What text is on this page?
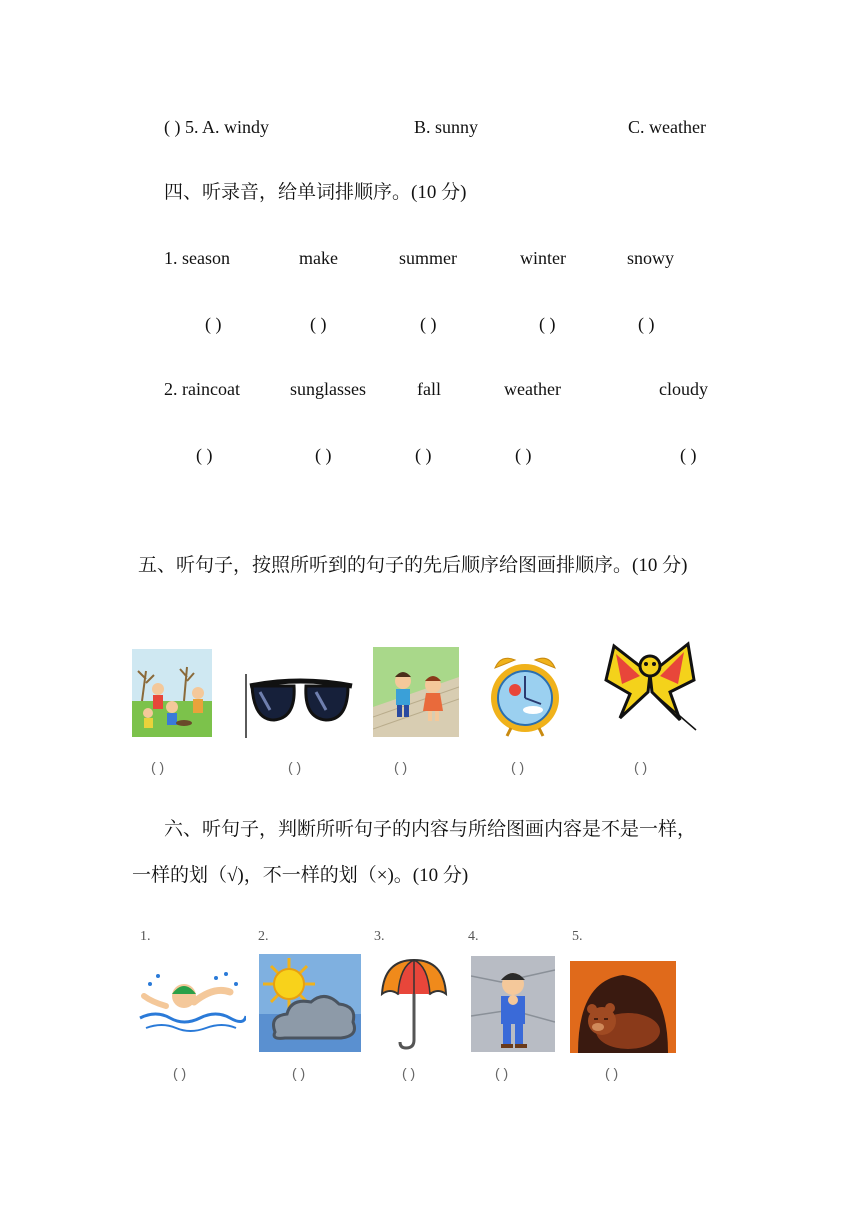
( ) 5. A. windy	B. sunny	C. weather
四、听录音，给单词排顺序。(10 分)
1. season	make	summer	winter	snowy
( )	( )	( )	( )	( )
2. raincoat	sunglasses	fall	weather	cloudy
( )	( )	( )	( )	( )
五、听句子，按照所听到的句子的先后顺序给图画排顺序。(10 分)
( )	( )	( )	( )	( )
六、听句子，判断所听句子的内容与所给图画内容是不是一样，
一样的划（√)，不一样的划（×)。(10 分)
1.	2.	3.	4.	5.
( )	( )	( )	( )	( )
